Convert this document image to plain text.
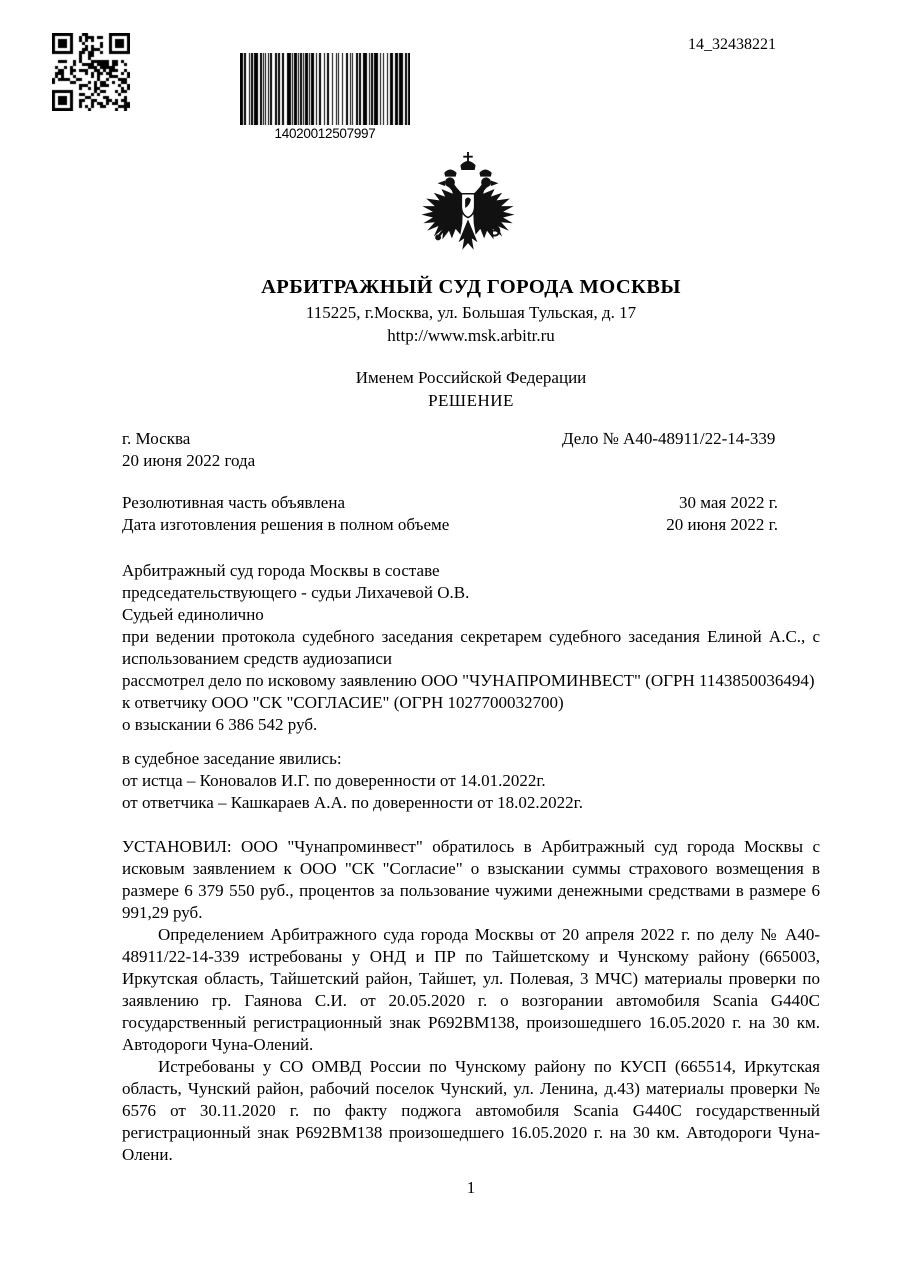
14020012507997
14_32438221
АРБИТРАЖНЫЙ СУД ГОРОДА МОСКВЫ
115225, г.Москва, ул. Большая Тульская, д. 17
http://www.msk.arbitr.ru
Именем Российской Федерации
РЕШЕНИЕ
г. Москва	Дело № А40-48911/22-14-339
20 июня 2022 года
Резолютивная часть объявлена	30 мая 2022 г.
Дата изготовления решения в полном объеме	20 июня 2022 г.

Арбитражный суд города Москвы в составе

председательствующего - судьи Лихачевой О.В.

Судьей единолично

при ведении протокола судебного заседания секретарем судебного заседания Елиной А.С., с использованием средств аудиозаписи

рассмотрел дело по исковому заявлению ООО "ЧУНАПРОМИНВЕСТ" (ОГРН 1143850036494)

к ответчику ООО "СК "СОГЛАСИЕ" (ОГРН 1027700032700)

о взыскании 6 386 542 руб.

в судебное заседание явились:

от истца – Коновалов И.Г. по доверенности от 14.01.2022г.

от ответчика – Кашкараев А.А. по доверенности от 18.02.2022г.

УСТАНОВИЛ: ООО "Чунапроминвест" обратилось в Арбитражный суд города Москвы с исковым заявлением к ООО "СК "Согласие" о взыскании суммы страхового возмещения в размере 6 379 550 руб., процентов за пользование чужими денежными средствами в размере 6 991,29 руб.

Определением Арбитражного суда города Москвы от 20 апреля 2022 г. по делу № А40-48911/22-14-339 истребованы у ОНД и ПР по Тайшетскому и Чунскому району (665003, Иркутская область, Тайшетский район, Тайшет, ул. Полевая, 3 МЧС) материалы проверки по заявлению гр. Гаянова С.И. от 20.05.2020 г. о возгорании автомобиля Scania G440C государственный регистрационный знак Р692ВМ138, произошедшего 16.05.2020 г. на 30 км. Автодороги Чуна-Олений.

Истребованы у СО ОМВД России по Чунскому району по КУСП (665514, Иркутская область, Чунский район, рабочий поселок Чунский, ул. Ленина, д.43) материалы проверки № 6576 от 30.11.2020 г. по факту поджога автомобиля Scania G440C государственный регистрационный знак Р692ВМ138 произошедшего 16.05.2020 г. на 30 км. Автодороги Чуна-Олени.

1
